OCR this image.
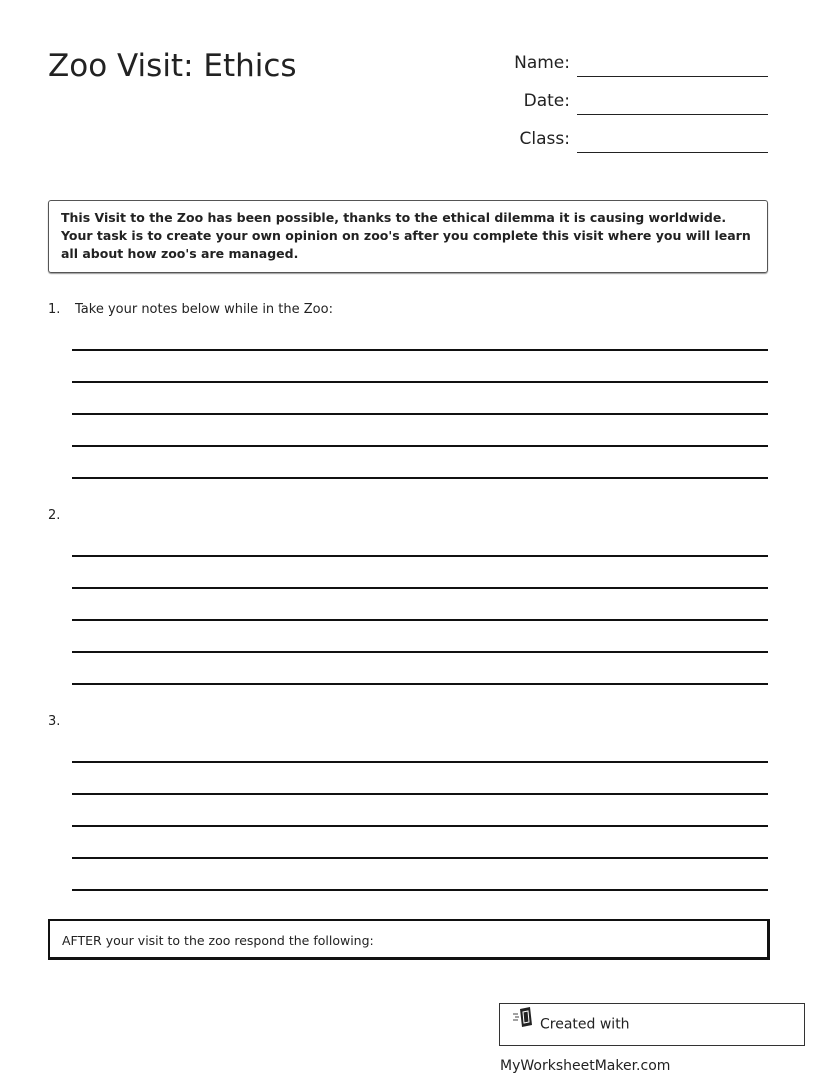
Zoo Visit: Ethics	Name:
Date:
Class:
This Visit to the Zoo has been possible, thanks to the ethical dilemma it is causing worldwide. Your task is to create your own opinion on zoo's after you complete this visit where you will learn all about how zoo's are managed.
1. Take your notes below while in the Zoo:
2.
3.
AFTER your visit to the zoo respond the following:
Created with MyWorksheetMaker.com
